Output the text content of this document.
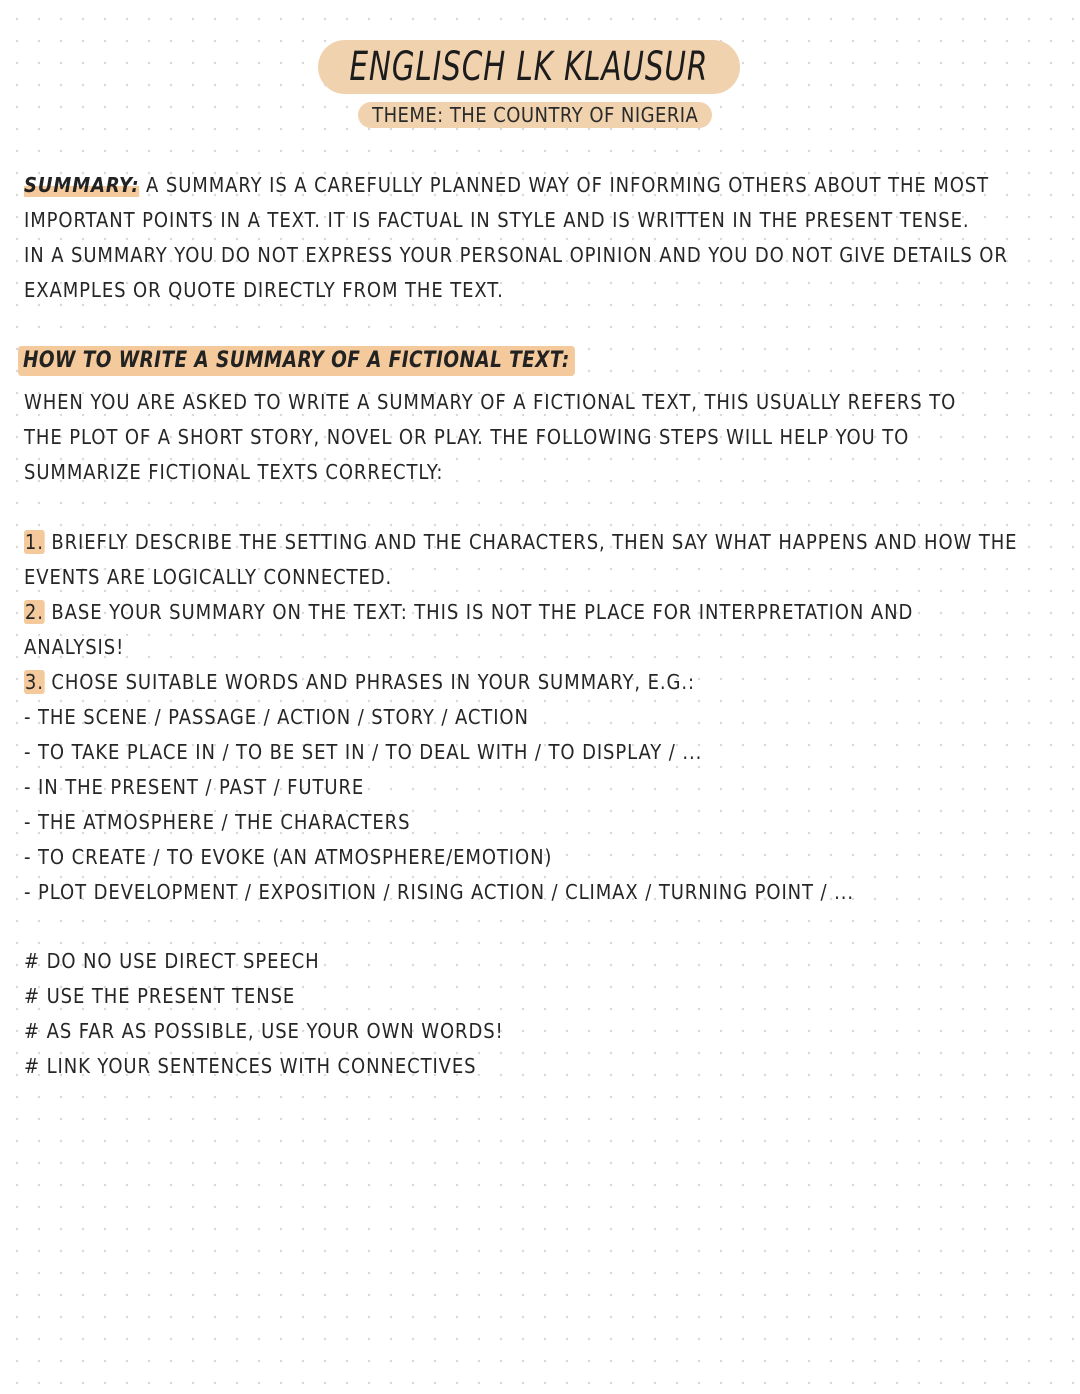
ENGLISCH LK KLAUSUR
THEME: THE COUNTRY OF NIGERIA
SUMMARY: A SUMMARY IS A CAREFULLY PLANNED WAY OF INFORMING OTHERS ABOUT THE MOST
IMPORTANT POINTS IN A TEXT. IT IS FACTUAL IN STYLE AND IS WRITTEN IN THE PRESENT TENSE.
IN A SUMMARY YOU DO NOT EXPRESS YOUR PERSONAL OPINION AND YOU DO NOT GIVE DETAILS OR
EXAMPLES OR QUOTE DIRECTLY FROM THE TEXT.
HOW TO WRITE A SUMMARY OF A FICTIONAL TEXT:
WHEN YOU ARE ASKED TO WRITE A SUMMARY OF A FICTIONAL TEXT, THIS USUALLY REFERS TO
THE PLOT OF A SHORT STORY, NOVEL OR PLAY. THE FOLLOWING STEPS WILL HELP YOU TO
SUMMARIZE FICTIONAL TEXTS CORRECTLY:
1. BRIEFLY DESCRIBE THE SETTING AND THE CHARACTERS, THEN SAY WHAT HAPPENS AND HOW THE
EVENTS ARE LOGICALLY CONNECTED.
2. BASE YOUR SUMMARY ON THE TEXT: THIS IS NOT THE PLACE FOR INTERPRETATION AND
ANALYSIS!
3. CHOSE SUITABLE WORDS AND PHRASES IN YOUR SUMMARY, E.G.:
- THE SCENE / PASSAGE / ACTION / STORY / ACTION
- TO TAKE PLACE IN / TO BE SET IN / TO DEAL WITH / TO DISPLAY / ...
- IN THE PRESENT / PAST / FUTURE
- THE ATMOSPHERE / THE CHARACTERS
- TO CREATE / TO EVOKE (AN ATMOSPHERE/EMOTION)
- PLOT DEVELOPMENT / EXPOSITION / RISING ACTION / CLIMAX / TURNING POINT / ...
# DO NO USE DIRECT SPEECH
# USE THE PRESENT TENSE
# AS FAR AS POSSIBLE, USE YOUR OWN WORDS!
# LINK YOUR SENTENCES WITH CONNECTIVES
